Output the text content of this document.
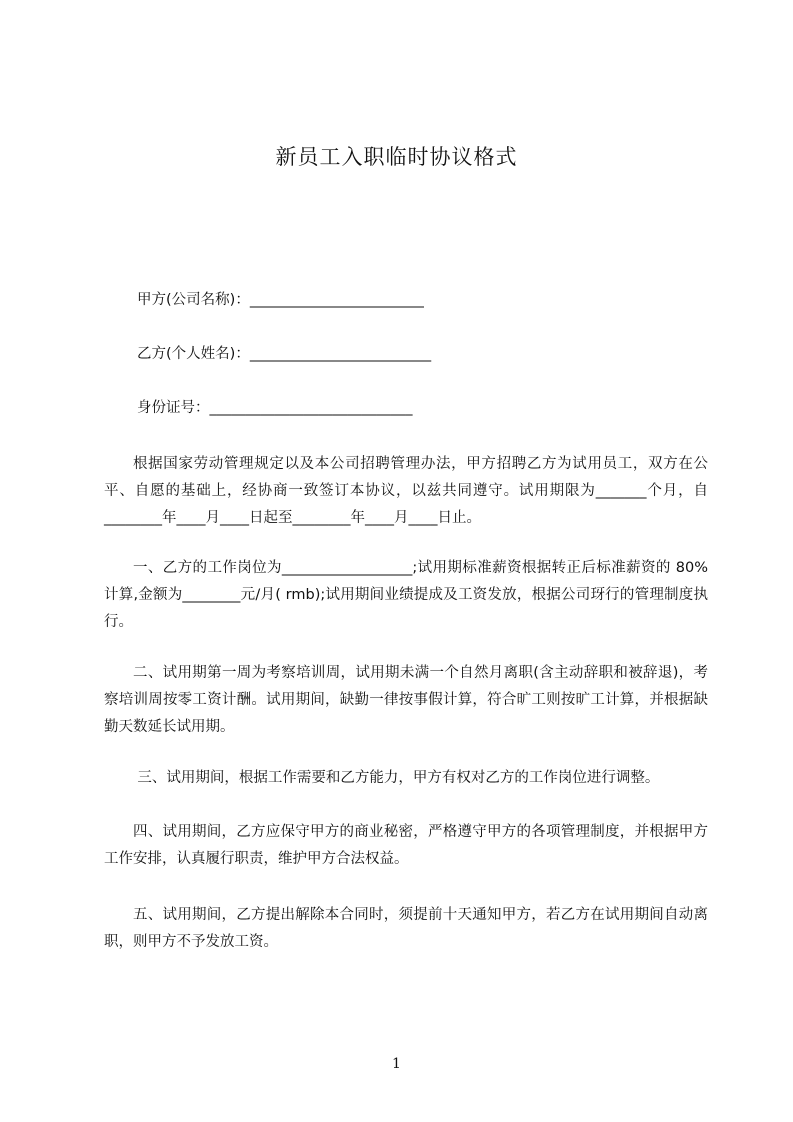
新员工入职临时协议格式
甲方(公司名称)：________________________
乙方(个人姓名)：_________________________
身份证号：____________________________

根据国家劳动管理规定以及本公司招聘管理办法，甲方招聘乙方为试用员工，双方在公平、自愿的基础上，经协商一致签订本协议，以兹共同遵守。试用期限为_______个月，自________年____月____日起至________年____月____日止。

一、乙方的工作岗位为__________________;试用期标准薪资根据转正后标准薪资的 80%计算,金额为________元/月( rmb);试用期间业绩提成及工资发放，根据公司玡行的管理制度执行。

二、试用期第一周为考察培训周，试用期未满一个自然月离职(含主动辞职和被辞退)，考察培训周按零工资计酬。试用期间，缺勤一律按事假计算，符合旷工则按旷工计算，并根据缺勤天数延长试用期。

三、试用期间，根据工作需要和乙方能力，甲方有权对乙方的工作岗位进行调整。

四、试用期间，乙方应保守甲方的商业秘密，严格遵守甲方的各项管理制度，并根据甲方工作安排，认真履行职责，维护甲方合法权益。

五、试用期间，乙方提出解除本合同时，须提前十天通知甲方，若乙方在试用期间自动离职，则甲方不予发放工资。

1
